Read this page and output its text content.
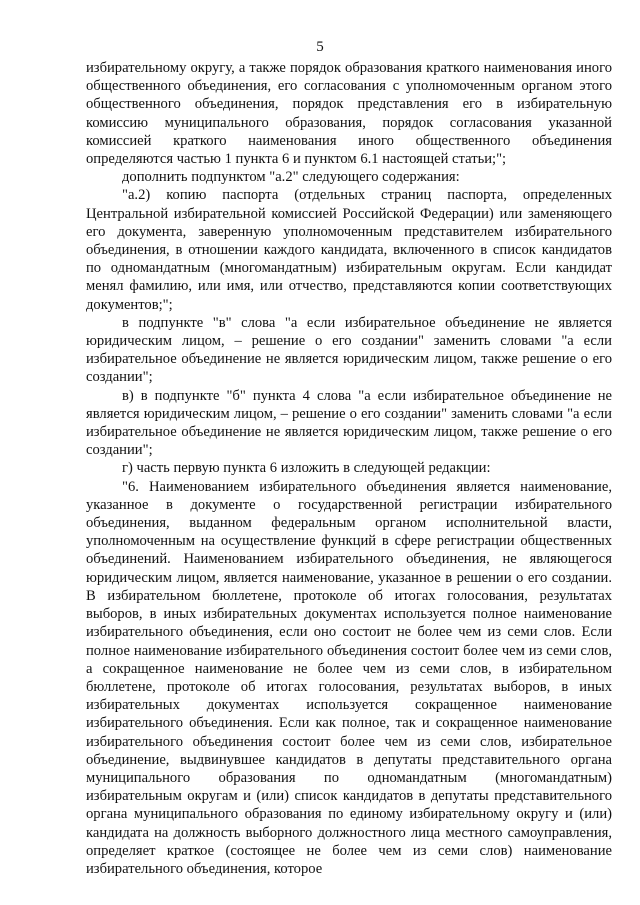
5

избирательному округу, а также порядок образования краткого наименования иного общественного объединения, его согласования с уполномоченным органом этого общественного объединения, порядок представления его в избирательную комиссию муниципального образования, порядок согласования указанной комиссией краткого наименования иного общественного объединения определяются частью 1 пункта 6 и пунктом 6.1 настоящей статьи;";

дополнить подпунктом "а.2" следующего содержания:

"а.2) копию паспорта (отдельных страниц паспорта, определенных Центральной избирательной комиссией Российской Федерации) или заменяющего его документа, заверенную уполномоченным представителем избирательного объединения, в отношении каждого кандидата, включенного в список кандидатов по одномандатным (многомандатным) избирательным округам. Если кандидат менял фамилию, или имя, или отчество, представляются копии соответствующих документов;";

в подпункте "в" слова "а если избирательное объединение не является юридическим лицом, – решение о его создании" заменить словами "а если избирательное объединение не является юридическим лицом, также решение о его создании";

в) в подпункте "б" пункта 4 слова "а если избирательное объединение не является юридическим лицом, – решение о его создании" заменить словами "а если избирательное объединение не является юридическим лицом, также решение о его создании";

г) часть первую пункта 6 изложить в следующей редакции:

"6. Наименованием избирательного объединения является наименование, указанное в документе о государственной регистрации избирательного объединения, выданном федеральным органом исполнительной власти, уполномоченным на осуществление функций в сфере регистрации общественных объединений. Наименованием избирательного объединения, не являющегося юридическим лицом, является наименование, указанное в решении о его создании. В избирательном бюллетене, протоколе об итогах голосования, результатах выборов, в иных избирательных документах используется полное наименование избирательного объединения, если оно состоит не более чем из семи слов. Если полное наименование избирательного объединения состоит более чем из семи слов, а сокращенное наименование не более чем из семи слов, в избирательном бюллетене, протоколе об итогах голосования, результатах выборов, в иных избирательных документах используется сокращенное наименование избирательного объединения. Если как полное, так и сокращенное наименование избирательного объединения состоит более чем из семи слов, избирательное объединение, выдвинувшее кандидатов в депутаты представительного органа муниципального образования по одномандатным (многомандатным) избирательным округам и (или) список кандидатов в депутаты представительного органа муниципального образования по единому избирательному округу и (или) кандидата на должность выборного должностного лица местного самоуправления, определяет краткое (состоящее не более чем из семи слов) наименование избирательного объединения, которое
